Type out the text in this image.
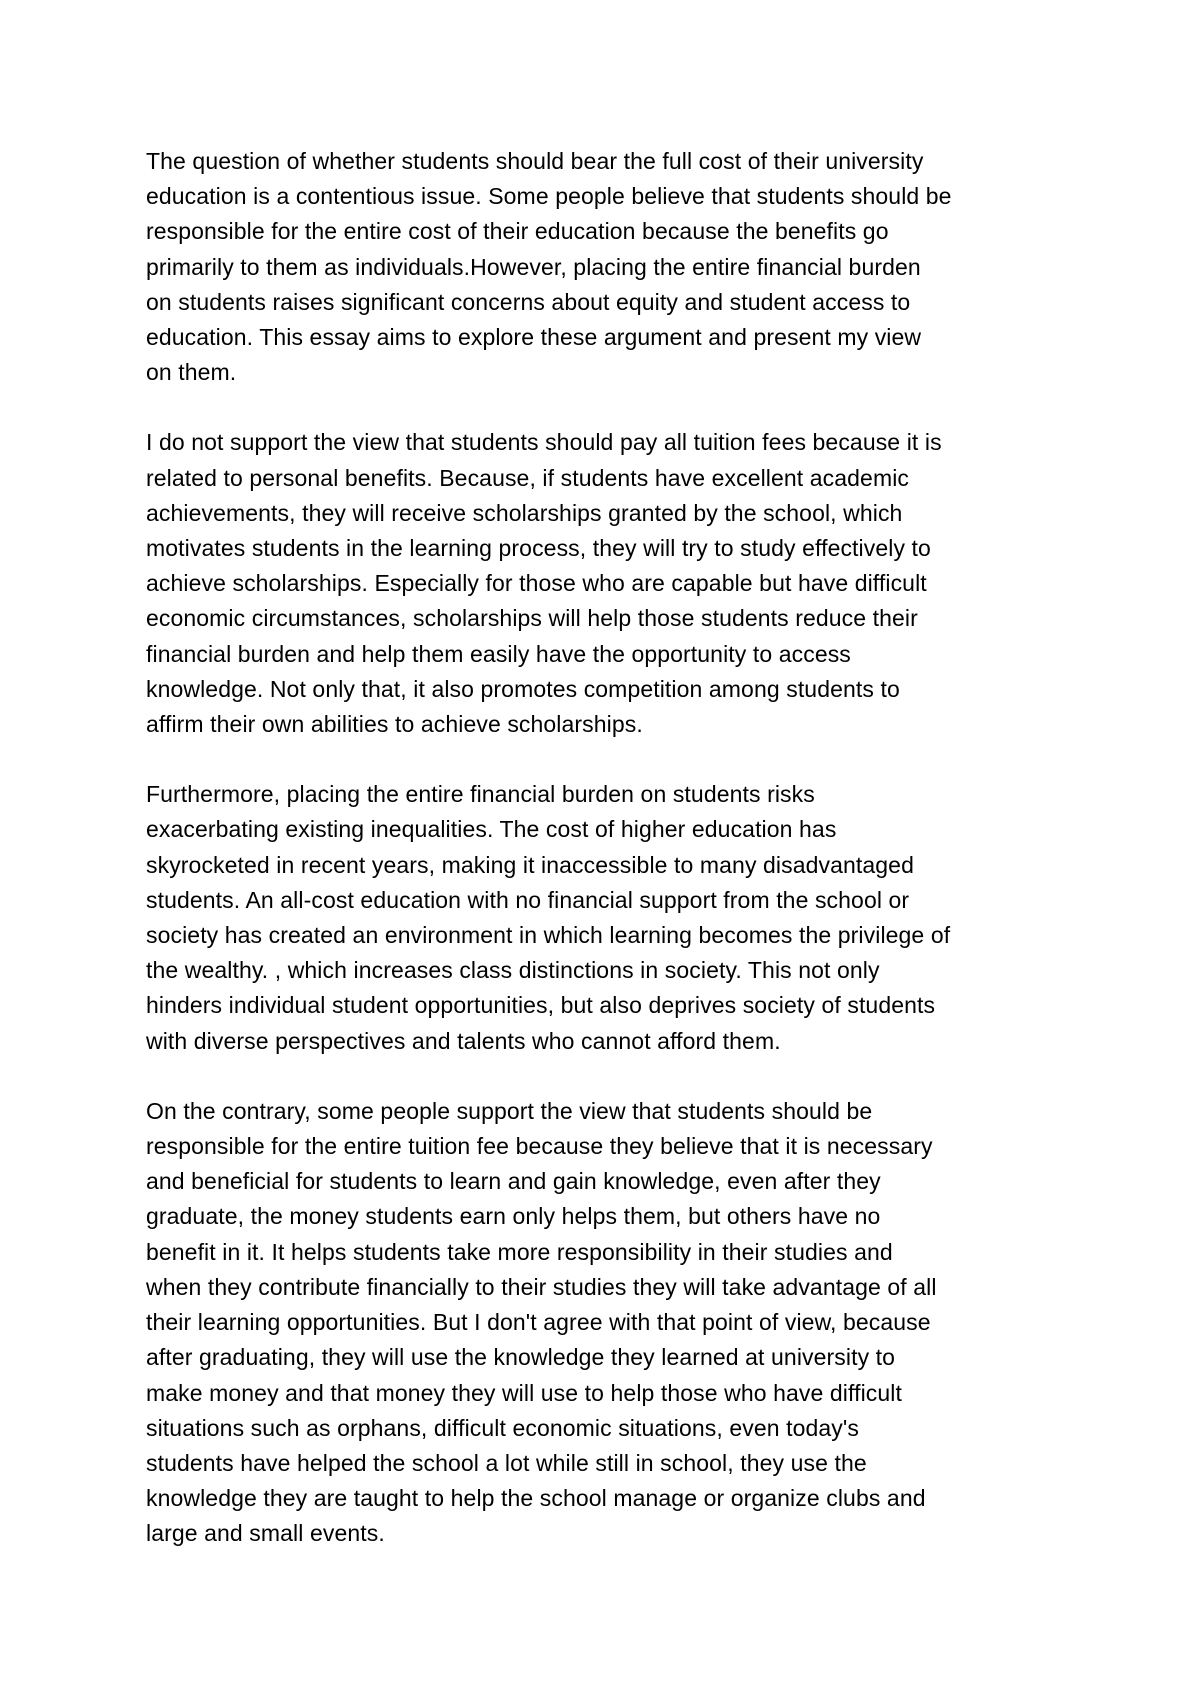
The question of whether students should bear the full cost of their university
education is a contentious issue. Some people believe that students should be
responsible for the entire cost of their education because the benefits go
primarily to them as individuals.However, placing the entire financial burden
on students raises significant concerns about equity and student access to
education. This essay aims to explore these argument and present my view
on them.

I do not support the view that students should pay all tuition fees because it is
related to personal benefits. Because, if students have excellent academic
achievements, they will receive scholarships granted by the school, which
motivates students in the learning process, they will try to study effectively to
achieve scholarships. Especially for those who are capable but have difficult
economic circumstances, scholarships will help those students reduce their
financial burden and help them easily have the opportunity to access
knowledge. Not only that, it also promotes competition among students to
affirm their own abilities to achieve scholarships.

Furthermore, placing the entire financial burden on students risks
exacerbating existing inequalities. The cost of higher education has
skyrocketed in recent years, making it inaccessible to many disadvantaged
students. An all-cost education with no financial support from the school or
society has created an environment in which learning becomes the privilege of
the wealthy. , which increases class distinctions in society. This not only
hinders individual student opportunities, but also deprives society of students
with diverse perspectives and talents who cannot afford them.

On the contrary, some people support the view that students should be
responsible for the entire tuition fee because they believe that it is necessary
and beneficial for students to learn and gain knowledge, even after they
graduate, the money students earn only helps them, but others have no
benefit in it. It helps students take more responsibility in their studies and
when they contribute financially to their studies they will take advantage of all
their learning opportunities. But I don't agree with that point of view, because
after graduating, they will use the knowledge they learned at university to
make money and that money they will use to help those who have difficult
situations such as orphans, difficult economic situations, even today's
students have helped the school a lot while still in school, they use the
knowledge they are taught to help the school manage or organize clubs and
large and small events.
